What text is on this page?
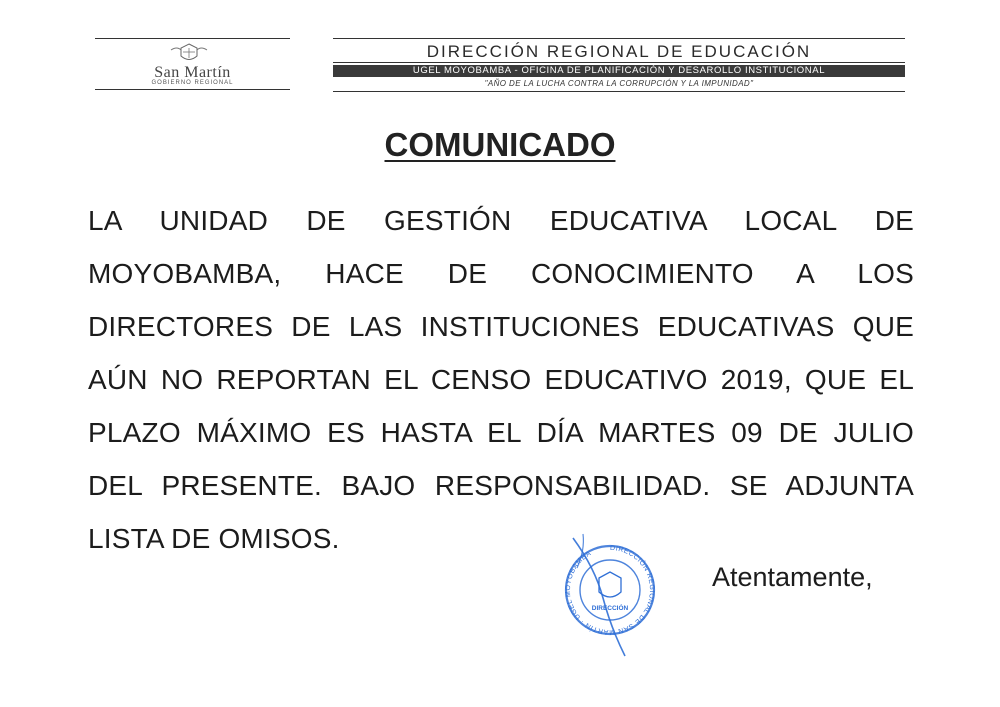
San Martín
GOBIERNO REGIONAL
DIRECCIÓN REGIONAL DE EDUCACIÓN
UGEL MOYOBAMBA - OFICINA DE PLANIFICACIÓN Y DESAROLLO INSTITUCIONAL
"AÑO DE LA LUCHA CONTRA LA CORRUPCIÓN Y LA IMPUNIDAD"
COMUNICADO
LA UNIDAD DE GESTIÓN EDUCATIVA LOCAL DE
MOYOBAMBA, HACE DE CONOCIMIENTO A LOS
DIRECTORES DE LAS INSTITUCIONES EDUCATIVAS QUE
AÚN NO REPORTAN EL CENSO EDUCATIVO 2019, QUE EL
PLAZO MÁXIMO ES HASTA EL DÍA MARTES 09 DE JULIO
DEL PRESENTE. BAJO RESPONSABILIDAD. SE ADJUNTA
LISTA DE OMISOS.	DIRECCIÓN REGIONAL DE SAN MARTÍN · UGEL MOYOBAMBA
DIRECCIÓN
Atentamente,
